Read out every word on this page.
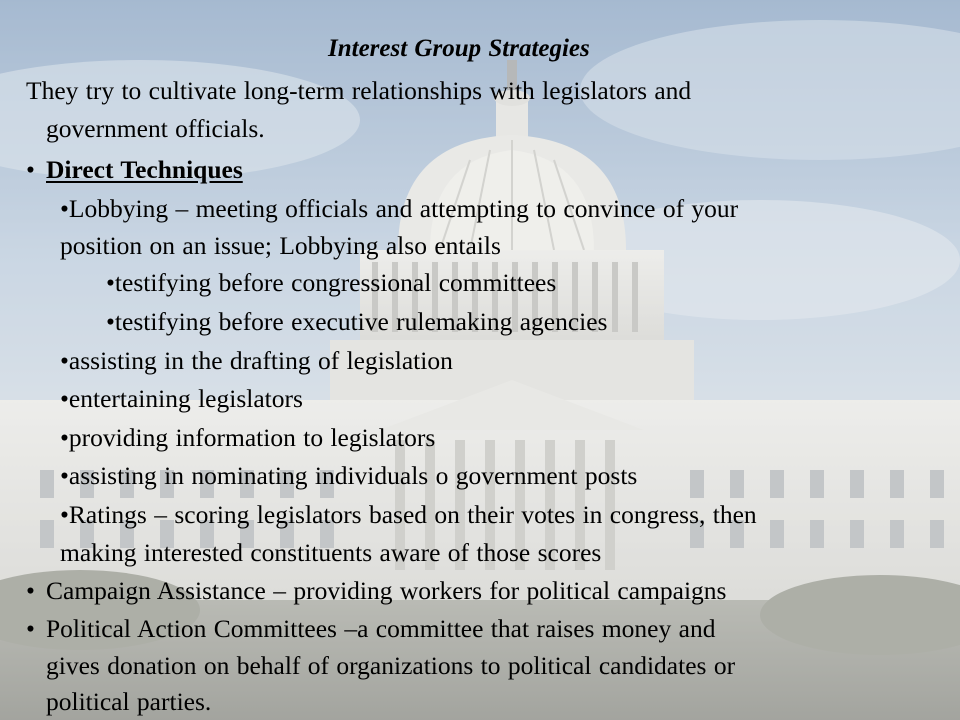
Interest Group Strategies
They try to cultivate long-term relationships with legislators and
government officials.
• Direct Techniques
•Lobbying – meeting officials and attempting to convince of your
position on an issue; Lobbying also entails
•testifying before congressional committees
•testifying before executive rulemaking agencies
•assisting in the drafting of legislation
•entertaining legislators
•providing information to legislators
•assisting in nominating individuals o government posts
•Ratings – scoring legislators based on their votes in congress, then
making interested constituents aware of those scores
• Campaign Assistance – providing workers for political campaigns
• Political Action Committees –a committee that raises money and
gives donation on behalf of organizations to political candidates or
political parties.
